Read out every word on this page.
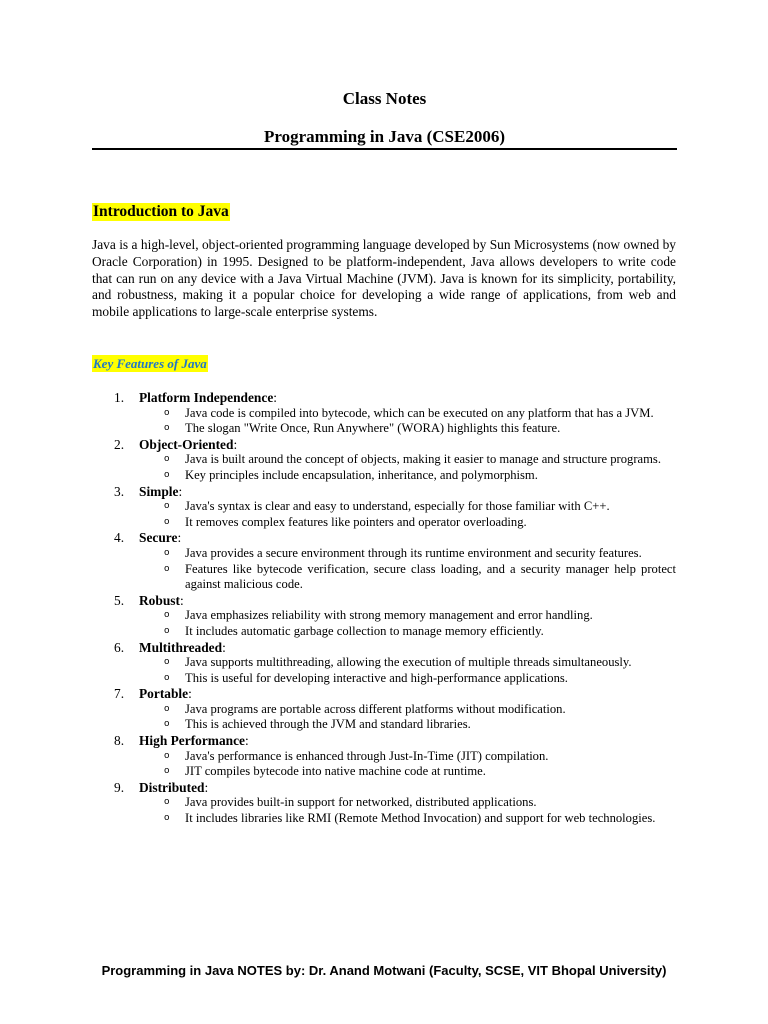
Class Notes
Programming in Java (CSE2006)
Introduction to Java

Java is a high-level, object-oriented programming language developed by Sun Microsystems (now owned by Oracle Corporation) in 1995. Designed to be platform-independent, Java allows developers to write code that can run on any device with a Java Virtual Machine (JVM). Java is known for its simplicity, portability, and robustness, making it a popular choice for developing a wide range of applications, from web and mobile applications to large-scale enterprise systems.

Key Features of Java
1. Platform Independence:
o Java code is compiled into bytecode, which can be executed on any platform that has a JVM.
o The slogan "Write Once, Run Anywhere" (WORA) highlights this feature.
2. Object-Oriented:
o Java is built around the concept of objects, making it easier to manage and structure programs.
o Key principles include encapsulation, inheritance, and polymorphism.
3. Simple:
o Java's syntax is clear and easy to understand, especially for those familiar with C++.
o It removes complex features like pointers and operator overloading.
4. Secure:
o Java provides a secure environment through its runtime environment and security features.
o Features like bytecode verification, secure class loading, and a security manager help protect against malicious code.
5. Robust:
o Java emphasizes reliability with strong memory management and error handling.
o It includes automatic garbage collection to manage memory efficiently.
6. Multithreaded:
o Java supports multithreading, allowing the execution of multiple threads simultaneously.
o This is useful for developing interactive and high-performance applications.
7. Portable:
o Java programs are portable across different platforms without modification.
o This is achieved through the JVM and standard libraries.
8. High Performance:
o Java's performance is enhanced through Just-In-Time (JIT) compilation.
o JIT compiles bytecode into native machine code at runtime.
9. Distributed:
o Java provides built-in support for networked, distributed applications.
o It includes libraries like RMI (Remote Method Invocation) and support for web technologies.
Programming in Java NOTES by: Dr. Anand Motwani (Faculty, SCSE, VIT Bhopal University)
